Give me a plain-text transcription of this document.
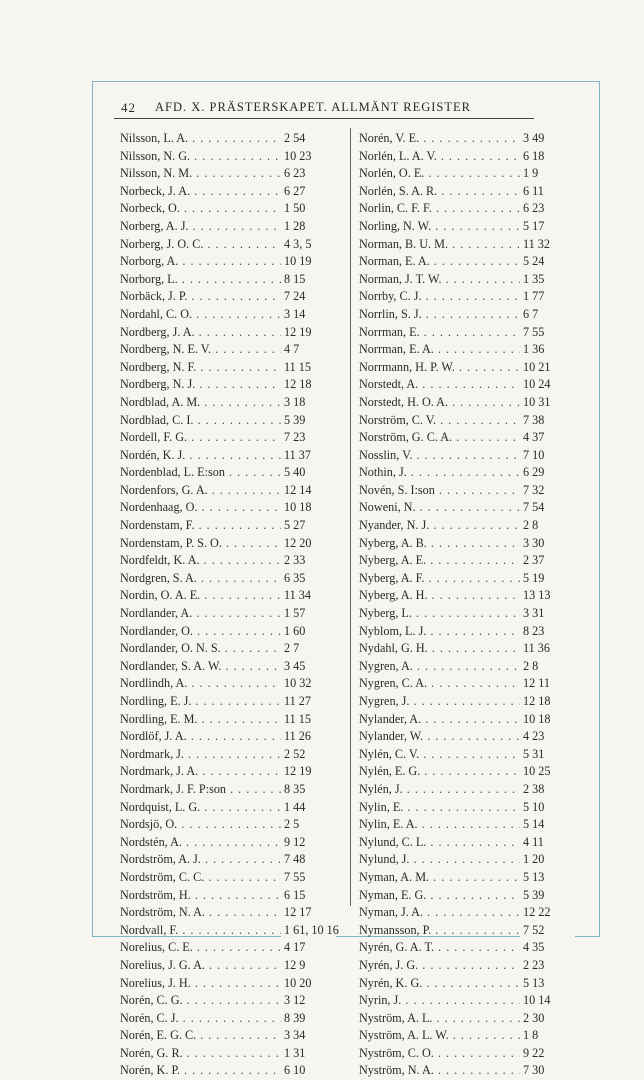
42 AFD. X. PRÄSTERSKAPET. ALLMÄNT REGISTER
Nilsson, L. A. . . .	2 54
Nilsson, N. G. . . .	10 23
Nilsson, N. M. . . .	6 23
Norbeck, J. A. . . .	6 27
Norbeck, O. . . .	1 50
Norberg, A. J. . . .	1 28
Norberg, J. O. C. . . .	4 3, 5
Norborg, A. . . .	10 19
Norborg, L. . . .	8 15
Norbäck, J. P. . . .	7 24
Nordahl, C. O. . . .	3 14
Nordberg, J. A. . . .	12 19
Nordberg, N. E. V. . . .	4 7
Nordberg, N. F. . . .	11 15
Nordberg, N. J. . . .	12 18
Nordblad, A. M. . . .	3 18
Nordblad, C. I. . . .	5 39
Nordell, F. G. . . .	7 23
Nordén, K. J. . . .	11 37
Nordenblad, L. E:son . . .	5 40
Nordenfors, G. A. . . .	12 14
Nordenhaag, O. . . .	10 18
Nordenstam, F. . . .	5 27
Nordenstam, P. S. O. . . .	12 20
Nordfeldt, K. A. . . .	2 33
Nordgren, S. A. . . .	6 35
Nordin, O. A. E. . . .	11 34
Nordlander, A. . . .	1 57
Nordlander, O. . . .	1 60
Nordlander, O. N. S. . . .	2 7
Nordlander, S. A. W. . . .	3 45
Nordlindh, A. . . .	10 32
Nordling, E. J. . . .	11 27
Nordling, E. M. . . .	11 15
Nordlöf, J. A. . . .	11 26
Nordmark, J. . . .	2 52
Nordmark, J. A. . . .	12 19
Nordmark, J. F. P:son . . .	8 35
Nordquist, L. G. . . .	1 44
Nordsjö, O. . . .	2 5
Nordstén, A. . . .	9 12
Nordström, A. J. . . .	7 48
Nordström, C. C. . . .	7 55
Nordström, H. . . .	6 15
Nordström, N. A. . . .	12 17
Nordvall, F. . . .	1 61, 10 16
Norelius, C. E. . . .	4 17
Norelius, J. G. A. . . .	12 9
Norelius, J. H. . . .	10 20
Norén, C. G. . . .	3 12
Norén, C. J. . . .	8 39
Norén, E. G. C. . . .	3 34
Norén, G. R. . . .	1 31
Norén, K. P. . . .	6 10
Norén, V. E. . . .	3 49
Norlén, L. A. V. . . .	6 18
Norlén, O. E. . . .	1 9
Norlén, S. A. R. . . .	6 11
Norlin, C. F. F. . . .	6 23
Norling, N. W. . . .	5 17
Norman, B. U. M. . . .	11 32
Norman, E. A. . . .	5 24
Norman, J. T. W. . . .	1 35
Norrby, C. J. . . .	1 77
Norrlin, S. J. . . .	6 7
Norrman, E. . . .	7 55
Norrman, E. A. . . .	1 36
Norrmann, H. P. W. . . .	10 21
Norstedt, A. . . .	10 24
Norstedt, H. O. A. . . .	10 31
Norström, C. V. . . .	7 38
Norström, G. C. A. . . .	4 37
Nosslin, V. . . .	7 10
Nothin, J. . . .	6 29
Novén, S. I:son . . .	7 32
Noweni, N. . . .	7 54
Nyander, N. J. . . .	2 8
Nyberg, A. B. . . .	3 30
Nyberg, A. E. . . .	2 37
Nyberg, A. F. . . .	5 19
Nyberg, A. H. . . .	13 13
Nyberg, L. . . .	3 31
Nyblom, L. J. . . .	8 23
Nydahl, G. H. . . .	11 36
Nygren, A. . . .	2 8
Nygren, C. A. . . .	12 11
Nygren, J. . . .	12 18
Nylander, A. . . .	10 18
Nylander, W. . . .	4 23
Nylén, C. V. . . .	5 31
Nylén, E. G. . . .	10 25
Nylén, J. . . .	2 38
Nylin, E. . . .	5 10
Nylin, E. A. . . .	5 14
Nylund, C. L. . . .	4 11
Nylund, J. . . .	1 20
Nyman, A. M. . . .	5 13
Nyman, E. G. . . .	5 39
Nyman, J. A. . . .	12 22
Nymansson, P. . . .	7 52
Nyrén, G. A. T. . . .	4 35
Nyrén, J. G. . . .	2 23
Nyrén, K. G. . . .	5 13
Nyrin, J. . . .	10 14
Nyström, A. L. . . .	2 30
Nyström, A. L. W. . . .	1 8
Nyström, C. O. . . .	9 22
Nyström, N. A. . . .	7 30
